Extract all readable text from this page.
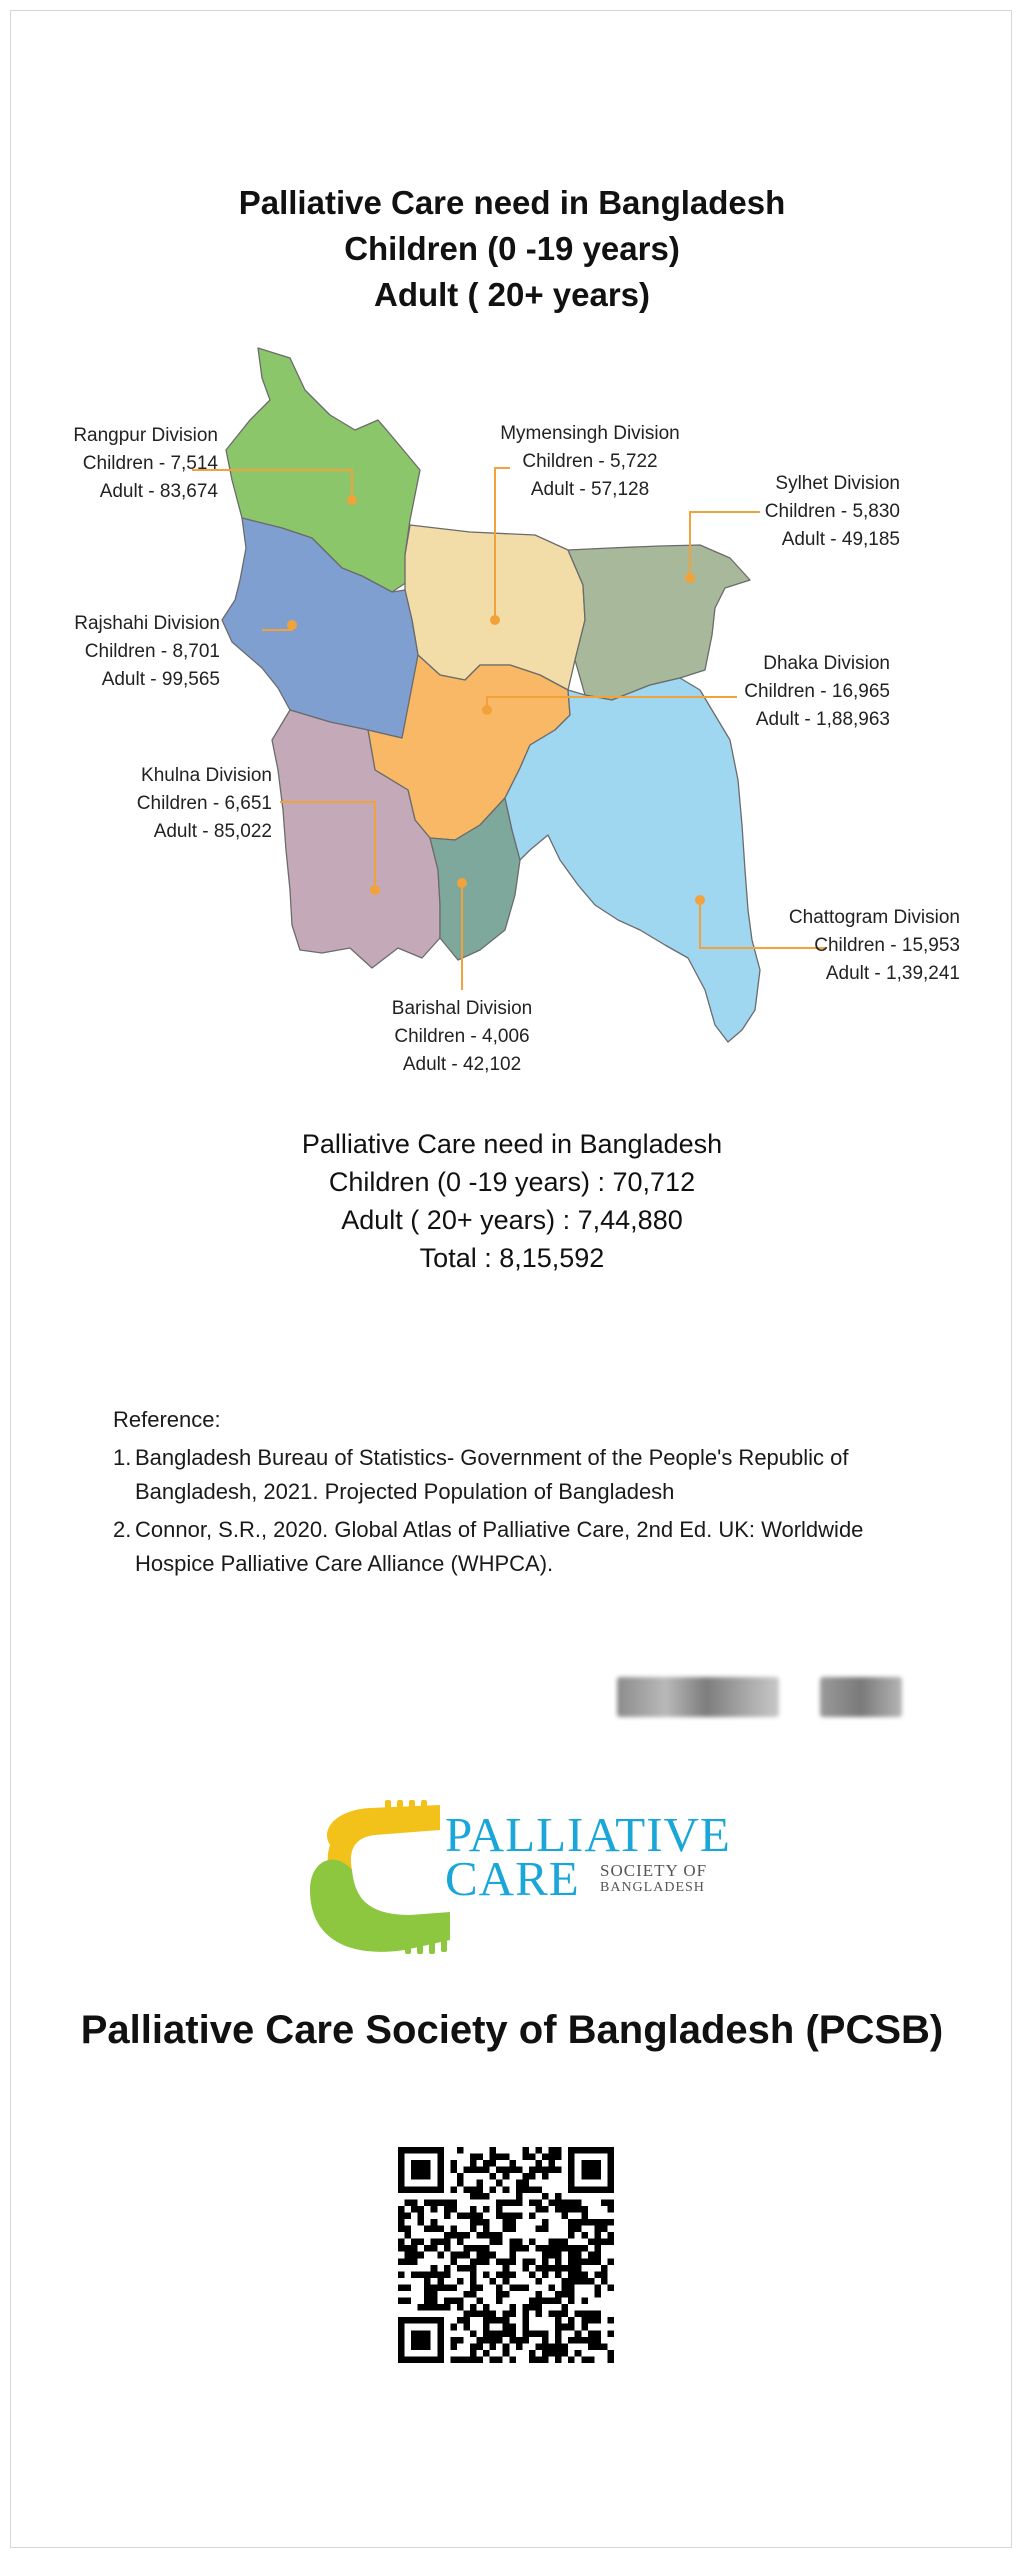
Palliative Care need in Bangladesh
Children (0 -19 years)
Adult ( 20+ years)
Rangpur Division
Children - 7,514
Adult - 83,674
Mymensingh Division
Children - 5,722
Adult - 57,128	Sylhet Division
Children - 5,830
Adult - 49,185
Rajshahi Division
Children - 8,701
Adult - 99,565
Dhaka Division
Children - 16,965
Adult - 1,88,963
Khulna Division
Children - 6,651
Adult - 85,022
Chattogram Division
Children - 15,953
Adult - 1,39,241
Barishal Division
Children - 4,006
Adult - 42,102
Palliative Care need in Bangladesh
Children (0 -19 years) : 70,712
Adult ( 20+ years) : 7,44,880
Total : 8,15,592
Reference:
1. Bangladesh Bureau of Statistics- Government of the People's Republic of Bangladesh, 2021. Projected Population of Bangladesh
2. Connor, S.R., 2020. Global Atlas of Palliative Care, 2nd Ed. UK: Worldwide Hospice Palliative Care Alliance (WHPCA).
PALLIATIVE
CARE SOCIETY OF
BANGLADESH
Palliative Care Society of Bangladesh (PCSB)
